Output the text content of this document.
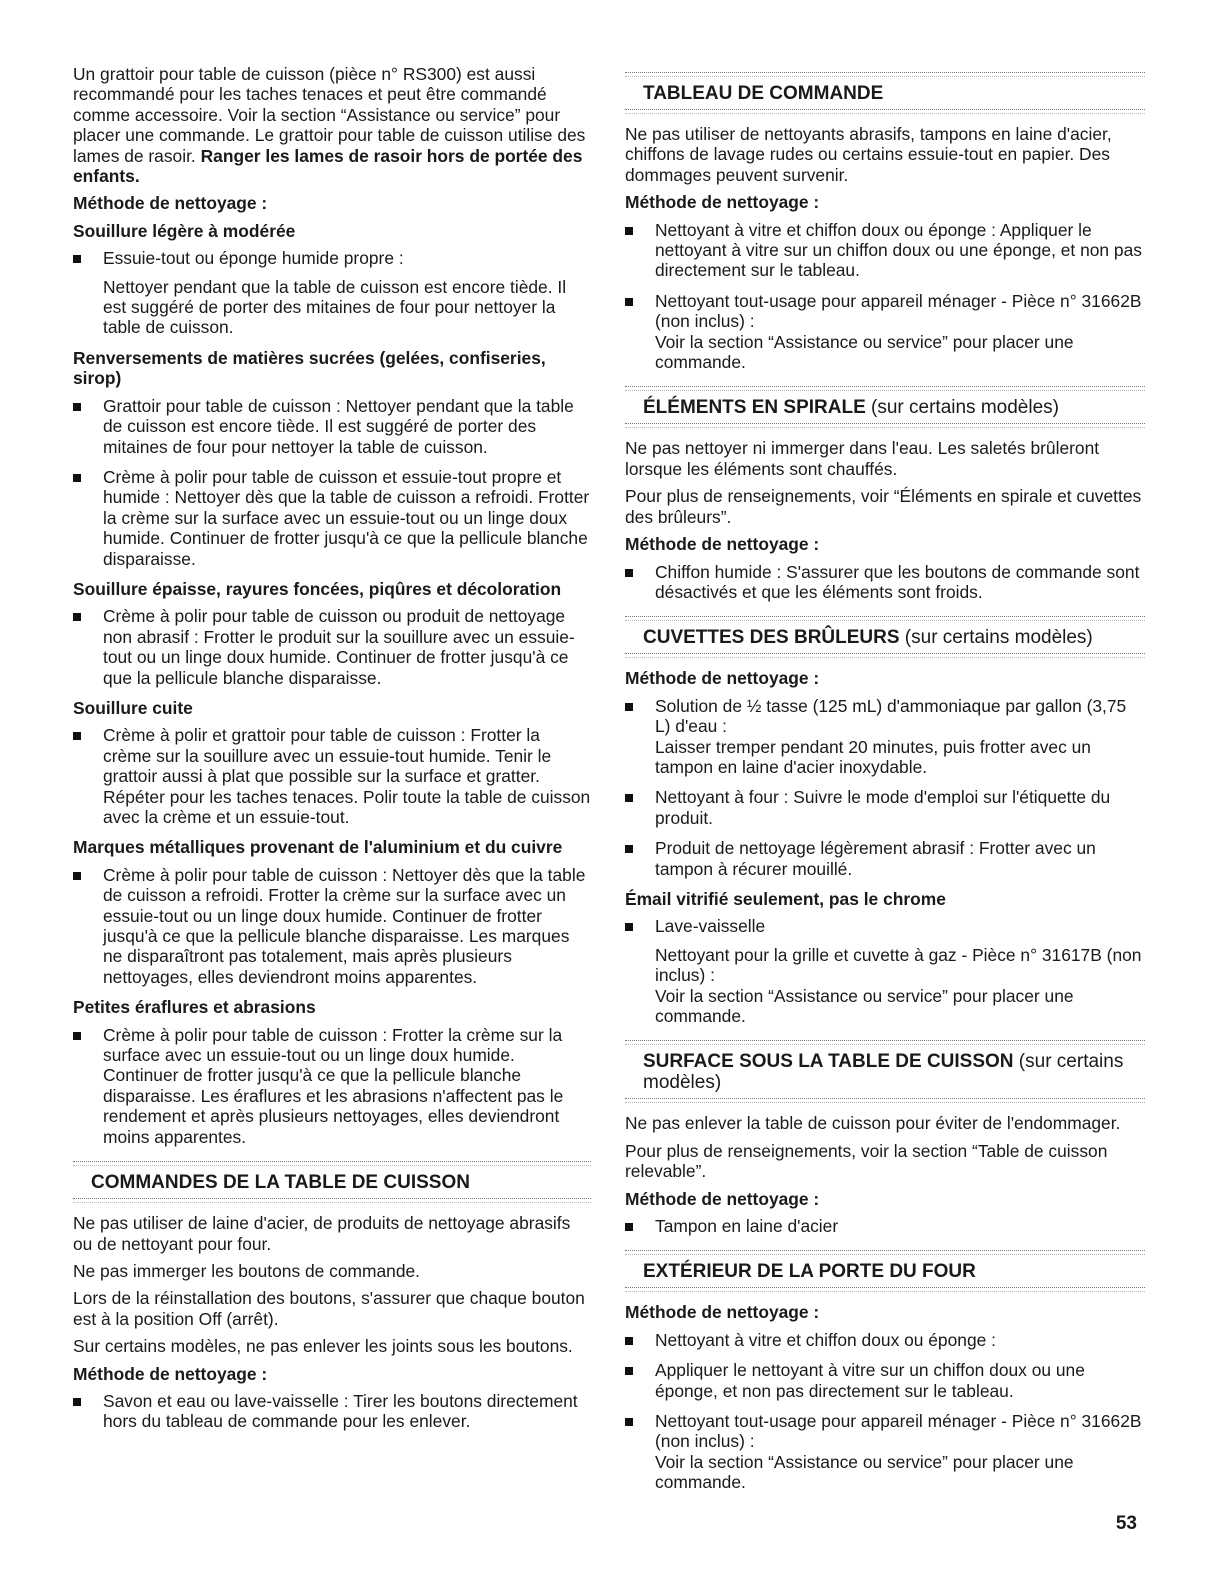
Un grattoir pour table de cuisson (pièce n° RS300) est aussi recommandé pour les taches tenaces et peut être commandé comme accessoire. Voir la section “Assistance ou service” pour placer une commande. Le grattoir pour table de cuisson utilise des lames de rasoir. Ranger les lames de rasoir hors de portée des enfants.

Méthode de nettoyage :
Souillure légère à modérée
Essuie-tout ou éponge humide propre :

Nettoyer pendant que la table de cuisson est encore tiède. Il est suggéré de porter des mitaines de four pour nettoyer la table de cuisson.

Renversements de matières sucrées (gelées, confiseries, sirop)
Grattoir pour table de cuisson : Nettoyer pendant que la table de cuisson est encore tiède. Il est suggéré de porter des mitaines de four pour nettoyer la table de cuisson.
Crème à polir pour table de cuisson et essuie-tout propre et humide : Nettoyer dès que la table de cuisson a refroidi. Frotter la crème sur la surface avec un essuie-tout ou un linge doux humide. Continuer de frotter jusqu'à ce que la pellicule blanche disparaisse.
Souillure épaisse, rayures foncées, piqûres et décoloration
Crème à polir pour table de cuisson ou produit de nettoyage non abrasif : Frotter le produit sur la souillure avec un essuie-tout ou un linge doux humide. Continuer de frotter jusqu'à ce que la pellicule blanche disparaisse.
Souillure cuite
Crème à polir et grattoir pour table de cuisson : Frotter la crème sur la souillure avec un essuie-tout humide. Tenir le grattoir aussi à plat que possible sur la surface et gratter. Répéter pour les taches tenaces. Polir toute la table de cuisson avec la crème et un essuie-tout.
Marques métalliques provenant de l'aluminium et du cuivre
Crème à polir pour table de cuisson : Nettoyer dès que la table de cuisson a refroidi. Frotter la crème sur la surface avec un essuie-tout ou un linge doux humide. Continuer de frotter jusqu'à ce que la pellicule blanche disparaisse. Les marques ne disparaîtront pas totalement, mais après plusieurs nettoyages, elles deviendront moins apparentes.
Petites éraflures et abrasions
Crème à polir pour table de cuisson : Frotter la crème sur la surface avec un essuie-tout ou un linge doux humide. Continuer de frotter jusqu'à ce que la pellicule blanche disparaisse. Les éraflures et les abrasions n'affectent pas le rendement et après plusieurs nettoyages, elles deviendront moins apparentes.
COMMANDES DE LA TABLE DE CUISSON

Ne pas utiliser de laine d'acier, de produits de nettoyage abrasifs ou de nettoyant pour four.

Ne pas immerger les boutons de commande.

Lors de la réinstallation des boutons, s'assurer que chaque bouton est à la position Off (arrêt).

Sur certains modèles, ne pas enlever les joints sous les boutons.

Méthode de nettoyage :
Savon et eau ou lave-vaisselle : Tirer les boutons directement hors du tableau de commande pour les enlever.
TABLEAU DE COMMANDE

Ne pas utiliser de nettoyants abrasifs, tampons en laine d'acier, chiffons de lavage rudes ou certains essuie-tout en papier. Des dommages peuvent survenir.

Méthode de nettoyage :
Nettoyant à vitre et chiffon doux ou éponge : Appliquer le nettoyant à vitre sur un chiffon doux ou une éponge, et non pas directement sur le tableau.
Nettoyant tout-usage pour appareil ménager - Pièce n° 31662B (non inclus) :
Voir la section “Assistance ou service” pour placer une commande.
ÉLÉMENTS EN SPIRALE (sur certains modèles)

Ne pas nettoyer ni immerger dans l'eau. Les saletés brûleront lorsque les éléments sont chauffés.

Pour plus de renseignements, voir “Éléments en spirale et cuvettes des brûleurs”.

Méthode de nettoyage :
Chiffon humide : S'assurer que les boutons de commande sont désactivés et que les éléments sont froids.
CUVETTES DES BRÛLEURS (sur certains modèles)
Méthode de nettoyage :
Solution de ½ tasse (125 mL) d'ammoniaque par gallon (3,75 L) d'eau :
Laisser tremper pendant 20 minutes, puis frotter avec un tampon en laine d'acier inoxydable.
Nettoyant à four : Suivre le mode d'emploi sur l'étiquette du produit.
Produit de nettoyage légèrement abrasif : Frotter avec un tampon à récurer mouillé.
Émail vitrifié seulement, pas le chrome
Lave-vaisselle
Nettoyant pour la grille et cuvette à gaz - Pièce n° 31617B (non inclus) :
Voir la section “Assistance ou service” pour placer une commande.
SURFACE SOUS LA TABLE DE CUISSON (sur certains modèles)

Ne pas enlever la table de cuisson pour éviter de l'endommager.

Pour plus de renseignements, voir la section “Table de cuisson relevable”.

Méthode de nettoyage :
Tampon en laine d'acier
EXTÉRIEUR DE LA PORTE DU FOUR
Méthode de nettoyage :
Nettoyant à vitre et chiffon doux ou éponge :
Appliquer le nettoyant à vitre sur un chiffon doux ou une éponge, et non pas directement sur le tableau.
Nettoyant tout-usage pour appareil ménager - Pièce n° 31662B (non inclus) :
Voir la section “Assistance ou service” pour placer une commande.
53
